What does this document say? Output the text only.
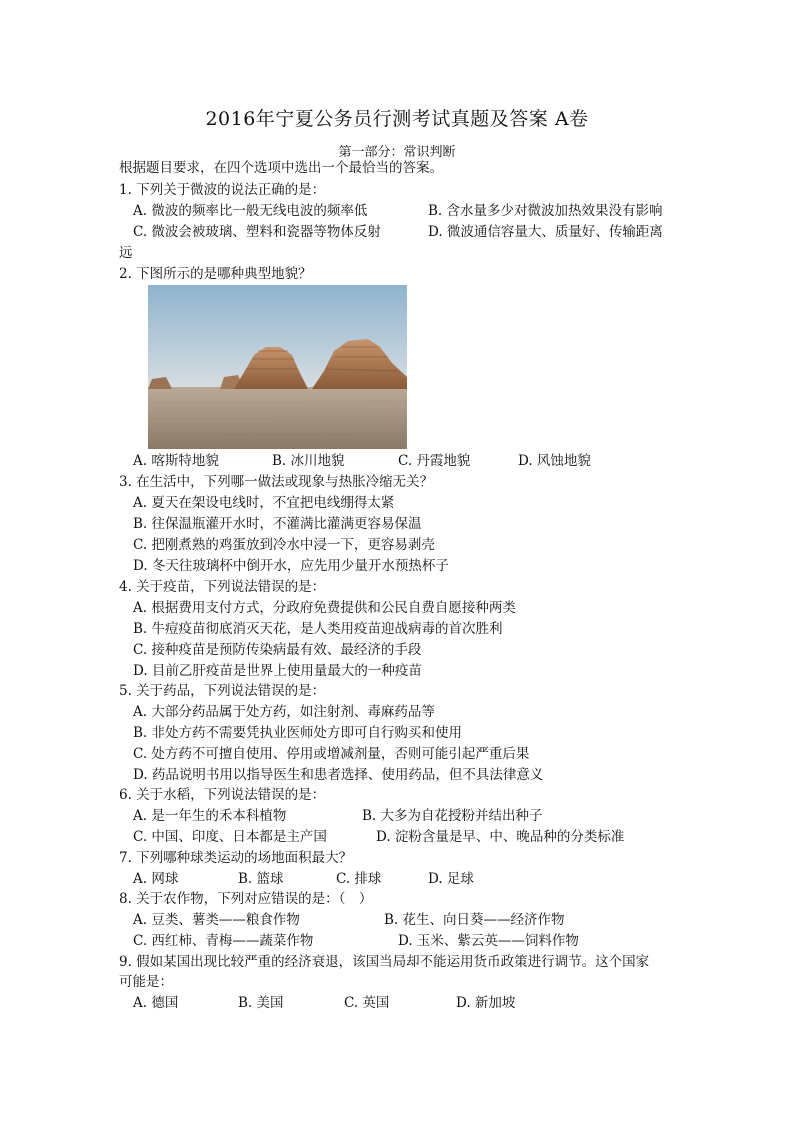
2016年宁夏公务员行测考试真题及答案 A卷
第一部分：常识判断
根据题目要求，在四个选项中选出一个最恰当的答案。
1. 下列关于微波的说法正确的是：
A. 微波的频率比一般无线电波的频率低	B. 含水量多少对微波加热效果没有影响
C. 微波会被玻璃、塑料和瓷器等物体反射	D. 微波通信容量大、质量好、传输距离
远
2. 下图所示的是哪种典型地貌？
A. 喀斯特地貌	B. 冰川地貌	C. 丹霞地貌	D. 风蚀地貌
3. 在生活中，下列哪一做法或现象与热胀冷缩无关？
A. 夏天在架设电线时，不宜把电线绷得太紧
B. 往保温瓶灌开水时，不灌满比灌满更容易保温
C. 把刚煮熟的鸡蛋放到冷水中浸一下，更容易剥壳
D. 冬天往玻璃杯中倒开水，应先用少量开水预热杯子
4. 关于疫苗，下列说法错误的是：
A. 根据费用支付方式，分政府免费提供和公民自费自愿接种两类
B. 牛痘疫苗彻底消灭天花，是人类用疫苗迎战病毒的首次胜利
C. 接种疫苗是预防传染病最有效、最经济的手段
D. 目前乙肝疫苗是世界上使用量最大的一种疫苗
5. 关于药品，下列说法错误的是：
A. 大部分药品属于处方药，如注射剂、毒麻药品等
B. 非处方药不需要凭执业医师处方即可自行购买和使用
C. 处方药不可擅自使用、停用或增减剂量，否则可能引起严重后果
D. 药品说明书用以指导医生和患者选择、使用药品，但不具法律意义
6. 关于水稻，下列说法错误的是：
A. 是一年生的禾本科植物	B. 大多为自花授粉并结出种子
C. 中国、印度、日本都是主产国	D. 淀粉含量是早、中、晚品种的分类标准
7. 下列哪种球类运动的场地面积最大？
A. 网球	B. 篮球	C. 排球	D. 足球
8. 关于农作物，下列对应错误的是：（　）
A. 豆类、薯类——粮食作物	B. 花生、向日葵——经济作物
C. 西红柿、青梅——蔬菜作物	D. 玉米、紫云英——饲料作物
9. 假如某国出现比较严重的经济衰退，该国当局却不能运用货币政策进行调节。这个国家
可能是：
A. 德国	B. 美国	C. 英国	D. 新加坡
